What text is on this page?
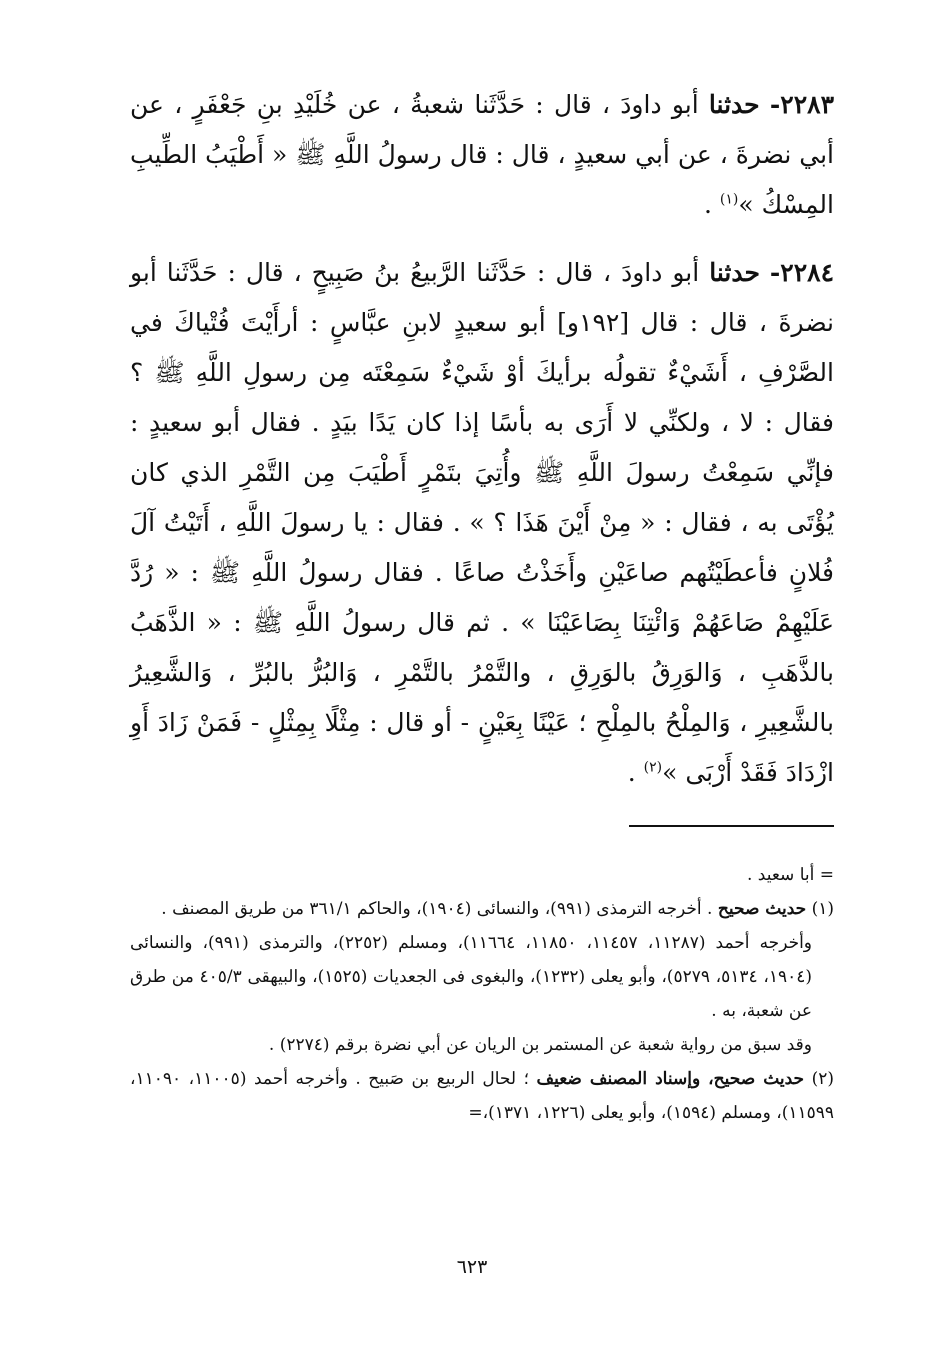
٢٢٨٣- حدثنا أبو داودَ ، قال : حَدَّثَنا شعبةُ ، عن خُلَيْدِ بنِ جَعْفَرٍ ، عن أبي نضرةَ ، عن أبي سعيدٍ ، قال : قال رسولُ اللَّهِ ﷺ « أَطْيَبُ الطِّيبِ المِسْكُ »$^{(١)}$ .

٢٢٨٤- حدثنا أبو داودَ ، قال : حَدَّثَنا الرَّبيعُ بنُ صَبِيحٍ ، قال : حَدَّثَنا أبو نضرةَ ، قال : قال [١٩٢و] أبو سعيدٍ لابنِ عبَّاسٍ : أرأَيْتَ فُتْياكَ في الصَّرْفِ ، أَشَيْءٌ تقولُه برأيكَ أوْ شَيْءٌ سَمِعْتَه مِن رسولِ اللَّهِ ﷺ ؟ فقال : لا ، ولكنِّي لا أَرَى به بأسًا إذا كان يَدًا بيَدٍ . فقال أبو سعيدٍ : فإنِّي سَمِعْتُ رسولَ اللَّهِ ﷺ وأُتِيَ بتَمْرٍ أَطْيَبَ مِن التَّمْرِ الذي كان يُؤْتَى به ، فقال : « مِنْ أَيْنَ هَذَا ؟ » . فقال : يا رسولَ اللَّهِ ، أَتَيْتُ آلَ فُلانٍ فأعطَيْتُهم صاعَيْنِ وأَخَذْتُ صاعًا . فقال رسولُ اللَّهِ ﷺ : « رُدَّ عَلَيْهِمْ صَاعَهُمْ وَائْتِنَا بِصَاعَيْنَا » . ثم قال رسولُ اللَّهِ ﷺ : « الذَّهَبُ بالذَّهَبِ ، وَالوَرِقُ بالوَرِقِ ، والتَّمْرُ بالتَّمْرِ ، وَالبُرُّ بالبُرِّ ، وَالشَّعِيرُ بالشَّعِيرِ ، وَالمِلْحُ بالمِلْحِ ؛ عَيْنًا بِعَيْنٍ - أو قال : مِثْلًا بِمِثْلٍ - فَمَنْ زَادَ أَوِ ازْدَادَ فَقَدْ أَرْبَى »$^{(٢)}$ .

= أبا سعيد .

(١) حديث صحيح . أخرجه الترمذى (٩٩١)، والنسائى (١٩٠٤)، والحاكم ٣٦١/١ من طريق المصنف .

وأخرجه أحمد (١١٢٨٧، ١١٤٥٧، ١١٨٥٠، ١١٦٦٤)، ومسلم (٢٢٥٢)، والترمذى (٩٩١)، والنسائى (١٩٠٤، ٥١٣٤، ٥٢٧٩)، وأبو يعلى (١٢٣٢)، والبغوى فى الجعديات (١٥٢٥)، والبيهقى ٤٠٥/٣ من طرق عن شعبة، به .

وقد سبق من رواية شعبة عن المستمر بن الريان عن أبي نضرة برقم (٢٢٧٤) .

(٢) حديث صحيح، وإسناد المصنف ضعيف ؛ لحال الربيع بن صَبيح . وأخرجه أحمد (١١٠٠٥، ١١٠٩٠، ١١٥٩٩)، ومسلم (١٥٩٤)، وأبو يعلى (١٢٢٦، ١٣٧١)،=

٦٢٣
